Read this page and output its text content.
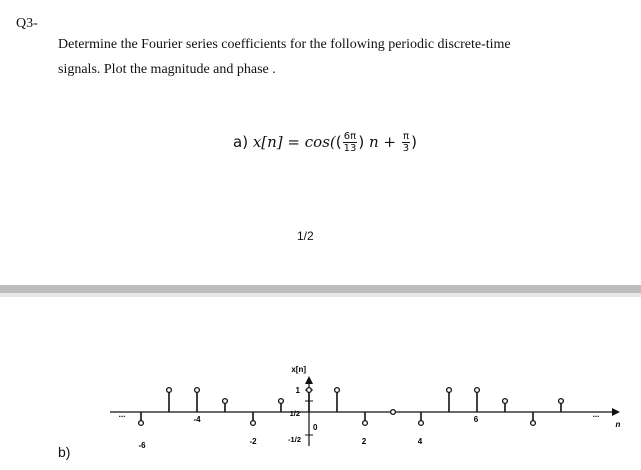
Q3-
Determine the Fourier series coefficients for the following periodic discrete-time
signals. Plot the magnitude and phase .
a) $x[n] = \cos(( \frac{6\pi}{13}$ ) $n + \frac{\pi}{3}$ )
1/2
x[n]
1
1/2
-1/2
0
...	...
n
-6
-4
-2	2	4
6
b)
